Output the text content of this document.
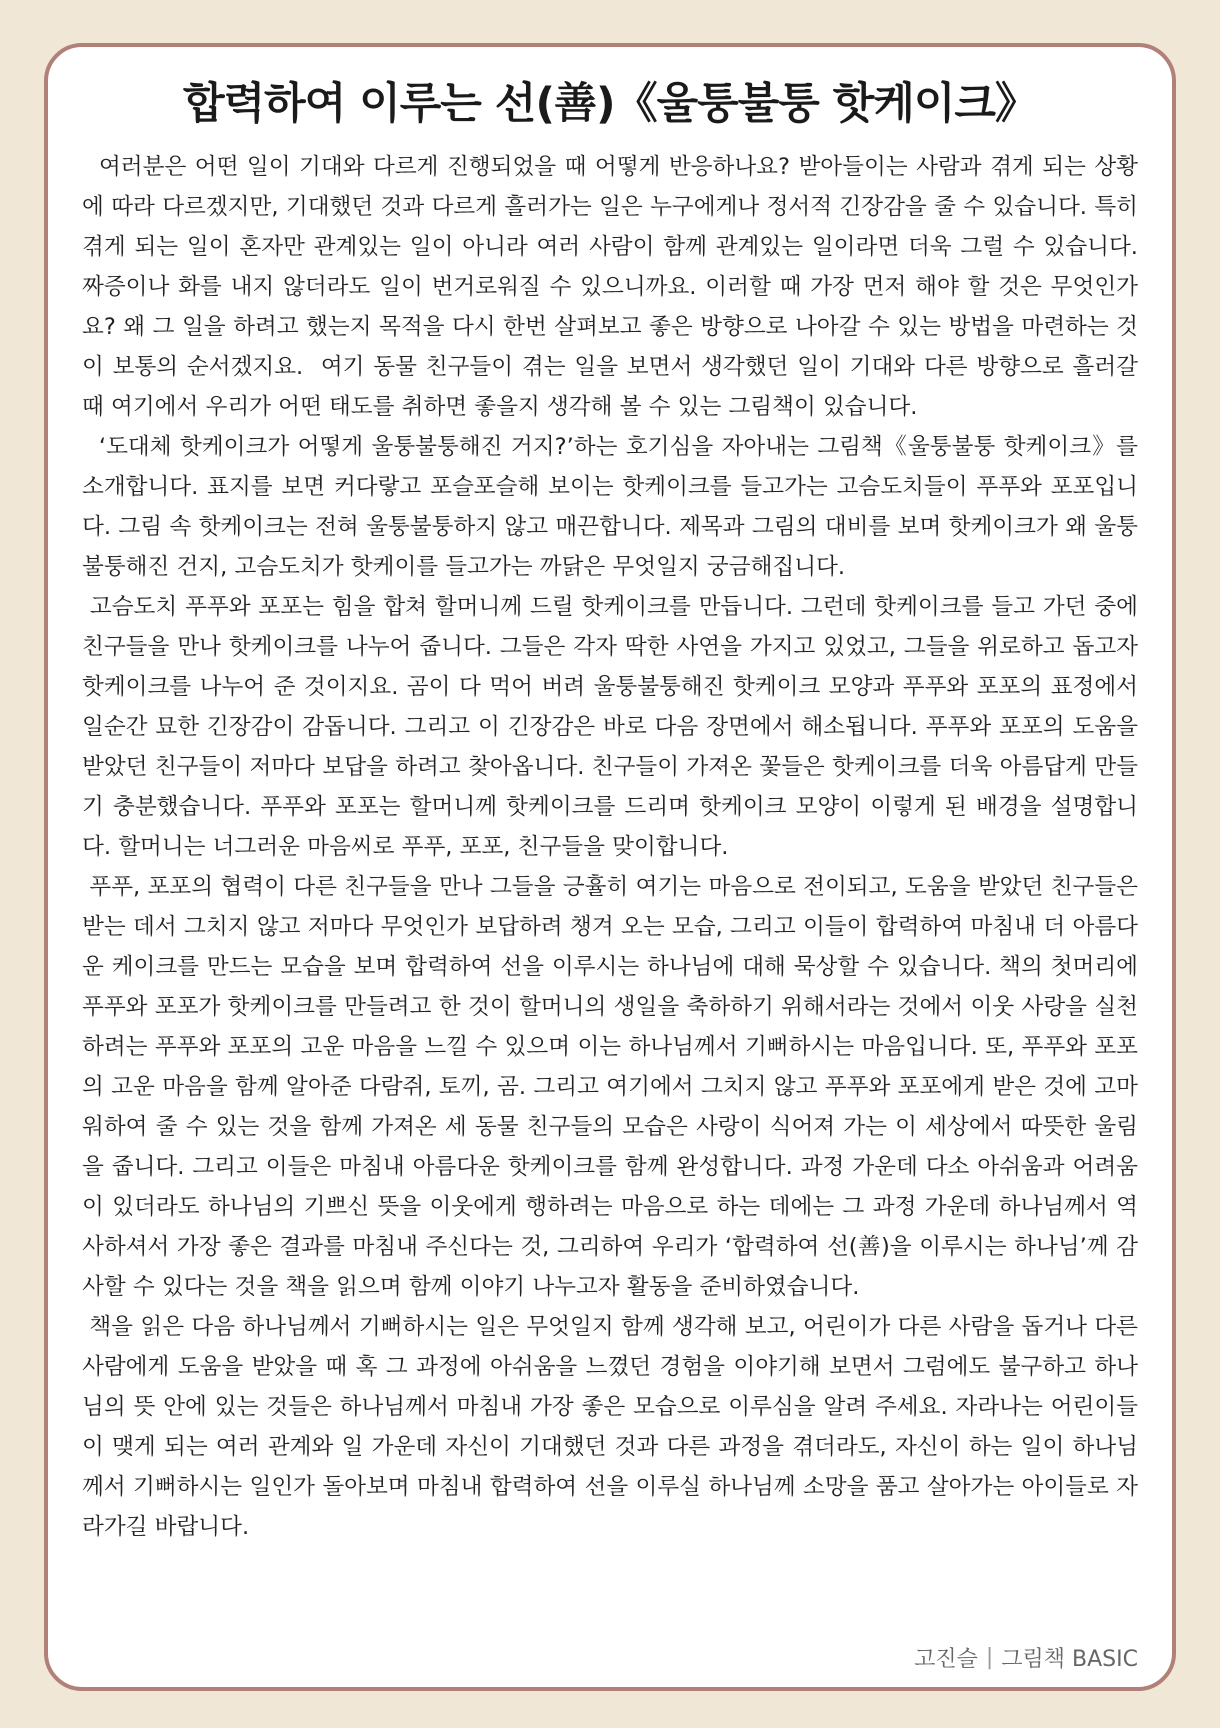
합력하여 이루는 선(善)《울퉁불퉁 핫케이크》

여러분은 어떤 일이 기대와 다르게 진행되었을 때 어떻게 반응하나요? 받아들이는 사람과 겪게 되는 상황에 따라 다르겠지만, 기대했던 것과 다르게 흘러가는 일은 누구에게나 정서적 긴장감을 줄 수 있습니다. 특히 겪게 되는 일이 혼자만 관계있는 일이 아니라 여러 사람이 함께 관계있는 일이라면 더욱 그럴 수 있습니다. 짜증이나 화를 내지 않더라도 일이 번거로워질 수 있으니까요. 이러할 때 가장 먼저 해야 할 것은 무엇인가요? 왜 그 일을 하려고 했는지 목적을 다시 한번 살펴보고 좋은 방향으로 나아갈 수 있는 방법을 마련하는 것이 보통의 순서겠지요.  여기 동물 친구들이 겪는 일을 보면서 생각했던 일이 기대와 다른 방향으로 흘러갈 때 여기에서 우리가 어떤 태도를 취하면 좋을지 생각해 볼 수 있는 그림책이 있습니다.

‘도대체 핫케이크가 어떻게 울퉁불퉁해진 거지?’하는 호기심을 자아내는 그림책《울퉁불퉁 핫케이크》를 소개합니다. 표지를 보면 커다랗고 포슬포슬해 보이는 핫케이크를 들고가는 고슴도치들이 푸푸와 포포입니다. 그림 속 핫케이크는 전혀 울퉁불퉁하지 않고 매끈합니다. 제목과 그림의 대비를 보며 핫케이크가 왜 울퉁불퉁해진 건지, 고슴도치가 핫케이를 들고가는 까닭은 무엇일지 궁금해집니다.

고슴도치 푸푸와 포포는 힘을 합쳐 할머니께 드릴 핫케이크를 만듭니다. 그런데 핫케이크를 들고 가던 중에 친구들을 만나 핫케이크를 나누어 줍니다. 그들은 각자 딱한 사연을 가지고 있었고, 그들을 위로하고 돕고자 핫케이크를 나누어 준 것이지요. 곰이 다 먹어 버려 울퉁불퉁해진 핫케이크 모양과 푸푸와 포포의 표정에서 일순간 묘한 긴장감이 감돕니다. 그리고 이 긴장감은 바로 다음 장면에서 해소됩니다. 푸푸와 포포의 도움을 받았던 친구들이 저마다 보답을 하려고 찾아옵니다. 친구들이 가져온 꽃들은 핫케이크를 더욱 아름답게 만들기 충분했습니다. 푸푸와 포포는 할머니께 핫케이크를 드리며 핫케이크 모양이 이렇게 된 배경을 설명합니다. 할머니는 너그러운 마음씨로 푸푸, 포포, 친구들을 맞이합니다.

푸푸, 포포의 협력이 다른 친구들을 만나 그들을 긍휼히 여기는 마음으로 전이되고, 도움을 받았던 친구들은 받는 데서 그치지 않고 저마다 무엇인가 보답하려 챙겨 오는 모습, 그리고 이들이 합력하여 마침내 더 아름다운 케이크를 만드는 모습을 보며 합력하여 선을 이루시는 하나님에 대해 묵상할 수 있습니다. 책의 첫머리에 푸푸와 포포가 핫케이크를 만들려고 한 것이 할머니의 생일을 축하하기 위해서라는 것에서 이웃 사랑을 실천하려는 푸푸와 포포의 고운 마음을 느낄 수 있으며 이는 하나님께서 기뻐하시는 마음입니다. 또, 푸푸와 포포의 고운 마음을 함께 알아준 다람쥐, 토끼, 곰. 그리고 여기에서 그치지 않고 푸푸와 포포에게 받은 것에 고마워하여 줄 수 있는 것을 함께 가져온 세 동물 친구들의 모습은 사랑이 식어져 가는 이 세상에서 따뜻한 울림을 줍니다. 그리고 이들은 마침내 아름다운 핫케이크를 함께 완성합니다. 과정 가운데 다소 아쉬움과 어려움이 있더라도 하나님의 기쁘신 뜻을 이웃에게 행하려는 마음으로 하는 데에는 그 과정 가운데 하나님께서 역사하셔서 가장 좋은 결과를 마침내 주신다는 것, 그리하여 우리가 ‘합력하여 선(善)을 이루시는 하나님’께 감사할 수 있다는 것을 책을 읽으며 함께 이야기 나누고자 활동을 준비하였습니다.

책을 읽은 다음 하나님께서 기뻐하시는 일은 무엇일지 함께 생각해 보고, 어린이가 다른 사람을 돕거나 다른 사람에게 도움을 받았을 때 혹 그 과정에 아쉬움을 느꼈던 경험을 이야기해 보면서 그럼에도 불구하고 하나님의 뜻 안에 있는 것들은 하나님께서 마침내 가장 좋은 모습으로 이루심을 알려 주세요. 자라나는 어린이들이 맺게 되는 여러 관계와 일 가운데 자신이 기대했던 것과 다른 과정을 겪더라도, 자신이 하는 일이 하나님께서 기뻐하시는 일인가 돌아보며 마침내 합력하여 선을 이루실 하나님께 소망을 품고 살아가는 아이들로 자라가길 바랍니다.

고진슬 | 그림책 BASIC
